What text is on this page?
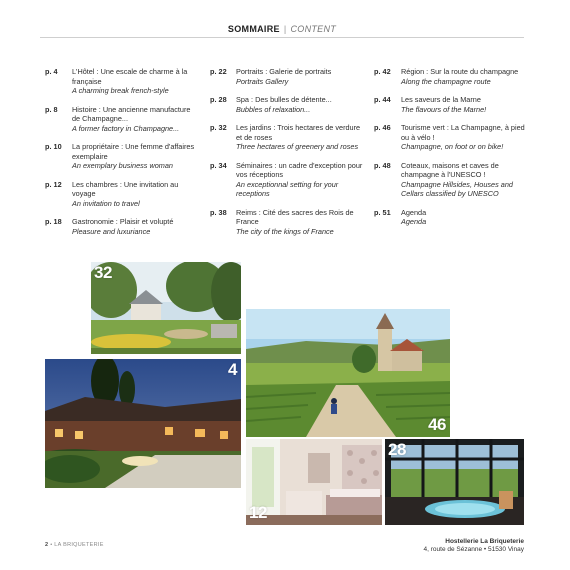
SOMMAIRE | CONTENT
p. 4	L'Hôtel : Une escale de charme à la française
A charming break french-style
p. 8	Histoire : Une ancienne manufacture de Champagne...
A former factory in Champagne...
p. 10	La propriétaire : Une femme d'affaires exemplaire
An exemplary business woman
p. 12	Les chambres : Une invitation au voyage
An invitation to travel
p. 18	Gastronomie : Plaisir et volupté
Pleasure and luxuriance
p. 22	Portraits : Galerie de portraits
Portraits Gallery
p. 28	Spa : Des bulles de détente...
Bubbles of relaxation...
p. 32	Les jardins : Trois hectares de verdure et de roses
Three hectares of greenery and roses
p. 34	Séminaires : un cadre d'exception pour vos réceptions
An exceptionnal setting for your receptions
p. 38	Reims : Cité des sacres des Rois de France
The city of the kings of France
p. 42	Région : Sur la route du champagne
Along the champagne route
p. 44	Les saveurs de la Marne
The flavours of the Marne!
p. 46	Tourisme vert : La Champagne, à pied ou à vélo !
Champagne, on foot or on bike!
p. 48	Coteaux, maisons et caves de champagne à l'UNESCO !
Champagne Hillsides, Houses and Cellars classified by UNESCO
p. 51	Agenda
Agenda
32
4
46
12
28
2 • LA BRIQUETERIE	Hostellerie La Briqueterie
4, route de Sézanne • 51530 Vinay
